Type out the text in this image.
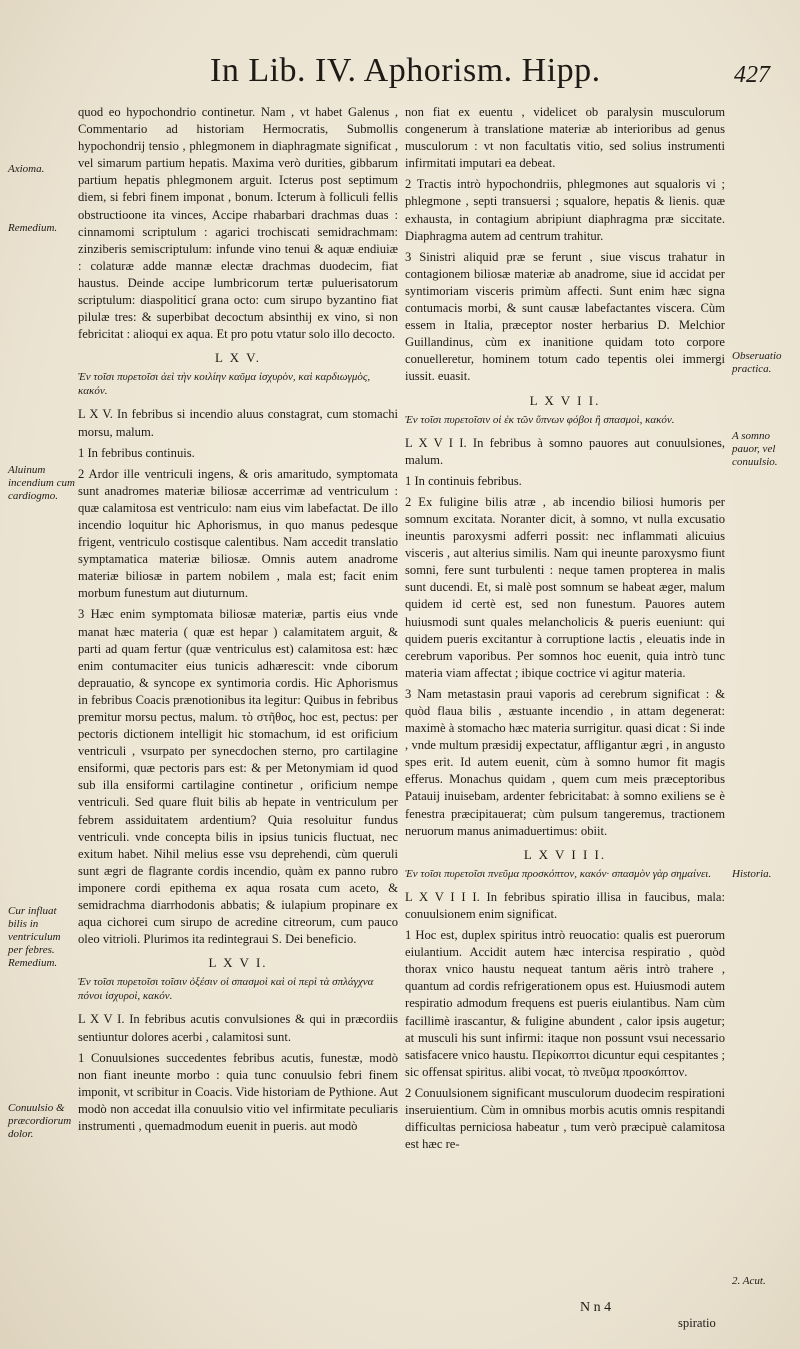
In Lib. IV. Aphorism. Hipp.	427

quod eo hypochondrio continetur. Nam , vt habet Galenus , Commentario ad historiam Hermocratis, Submollis hypochondrij tensio , phlegmonem in diaphragmate significat , vel simarum partium hepatis. Maxima verò durities, gibbarum partium hepatis phlegmonem arguit. Icterus post septimum diem, si febri finem imponat , bonum. Icterum à folliculi fellis obstructioone ita vinces, Accipe rhabarbari drachmas duas : cinnamomi scriptulum : agarici trochiscati semidrachmam: zinziberis semiscriptulum: infunde vino tenui & aquæ endiuiæ : colaturæ adde mannæ electæ drachmas duodecim, fiat haustus. Deinde accipe lumbricorum tertæ puluerisatorum scriptulum: diaspoliticí grana octo: cum sirupo byzantino fiat pilulæ tres: & superbibat decoctum absinthij ex vino, si non febricitat : alioqui ex aqua. Et pro potu vtatur solo illo decocto.

L X V.

Ἐν τοῖσι πυρετοῖσι ἀεὶ τὴν κοιλίην καῦμα ἰσχυρὸν, καὶ καρδιωγμὸς, κακόν.

L X V. In febribus si incendio aluus constagrat, cum stomachi morsu, malum.

1 In febribus continuis.

2 Ardor ille ventriculi ingens, & oris amaritudo, symptomata sunt anadromes materiæ biliosæ accerrimæ ad ventriculum : quæ calamitosa est ventriculo: nam eius vim labefactat. De illo incendio loquitur hic Aphorismus, in quo manus pedesque frigent, ventriculo costisque calentibus. Nam accedit translatio symptamatica materiæ biliosæ. Omnis autem anadrome materiæ biliosæ in partem nobilem , mala est; facit enim morbum funestum aut diuturnum.

3 Hæc enim symptomata biliosæ materiæ, partis eius vnde manat hæc materia ( quæ est hepar ) calamitatem arguit, & parti ad quam fertur (quæ ventriculus est) calamitosa est: hæc enim contumaciter eius tunicis adhærescit: vnde ciborum deprauatio, & syncope ex syntimoria cordis. Hic Aphorismus in febribus Coacis prænotionibus ita legitur: Quibus in febribus premitur morsu pectus, malum. τὸ στῆθος, hoc est, pectus: per pectoris dictionem intelligit hic stomachum, id est orificium ventriculi , vsurpato per synecdochen sterno, pro cartilagine ensiformi, quæ pectoris pars est: & per Metonymiam id quod sub illa ensiformi cartilagine continetur , orificium nempe ventriculi. Sed quare fluit bilis ab hepate in ventriculum per febrem assiduitatem ardentium? Quia resoluitur fundus ventriculi. vnde concepta bilis in ipsius tunicis fluctuat, nec exitum habet. Nihil melius esse vsu deprehendi, cùm queruli sunt ægri de flagrante cordis incendio, quàm ex panno rubro imponere cordi epithema ex aqua rosata cum aceto, & semidrachma diarrhodonis abbatis; & iulapium propinare ex aqua cichorei cum sirupo de acredine citreorum, cum pauco oleo vitrioli. Plurimos ita redintegraui S. Dei beneficio.

L X V I.

Ἐν τοῖσι πυρετοῖσι τοῖσιν ὀξέσιν οἱ σπασμοὶ καὶ οἱ περὶ τὰ σπλάγχνα πόνοι ἰσχυροὶ, κακόν.

L X V I. In febribus acutis convulsiones & qui in præcordiis sentiuntur dolores acerbi , calamitosi sunt.

1 Conuulsiones succedentes febribus acutis, funestæ, modò non fiant ineunte morbo : quia tunc conuulsio febri finem imponit, vt scribitur in Coacis. Vide historiam de Pythione. Aut modò non accedat illa conuulsio vitio vel infirmitate peculiaris instrumenti , quemadmodum euenit in pueris. aut modò

non fiat ex euentu , videlicet ob paralysin musculorum congenerum à translatione materiæ ab interioribus ad genus musculorum : vt non facultatis vitio, sed solius instrumenti infirmitati imputari ea debeat.

2 Tractis intrò hypochondriis, phlegmones aut squaloris vi ; phlegmone , septi transuersi ; squalore, hepatis & lienis. quæ exhausta, in contagium abripiunt diaphragma præ siccitate. Diaphragma autem ad centrum trahitur.

3 Sinistri aliquid præ se ferunt , siue viscus trahatur in contagionem biliosæ materiæ ab anadrome, siue id accidat per syntimoriam visceris primùm affecti. Sunt enim hæc signa contumacis morbi, & sunt causæ labefactantes viscera. Cùm essem in Italia, præceptor noster herbarius D. Melchior Guillandinus, cùm ex inanitione quidam toto corpore conuelleretur, hominem totum cado tepentis olei immergi iussit. euasit.

L X V I I.

Ἐν τοῖσι πυρετοῖσιν οἱ ἐκ τῶν ὕπνων φόβοι ἢ σπασμοὶ, κακόν.

L X V I I. In febribus à somno pauores aut conuulsiones, malum.

1 In continuis febribus.

2 Ex fuligine bilis atræ , ab incendio biliosi humoris per somnum excitata. Noranter dicit, à somno, vt nulla excusatio ineuntis paroxysmi adferri possit: nec inflammati alicuius visceris , aut alterius similis. Nam qui ineunte paroxysmo fiunt somni, fere sunt turbulenti : neque tamen propterea in malis sunt ducendi. Et, si malè post somnum se habeat æger, malum quidem id certè est, sed non funestum. Pauores autem huiusmodi sunt quales melancholicis & pueris eueniunt: qui quidem pueris excitantur à corruptione lactis , eleuatis inde in cerebrum vaporibus. Per somnos hoc euenit, quia intrò tunc materia viam affectat ; ibique coctrice vi agitur materia.

3 Nam metastasin praui vaporis ad cerebrum significat : & quòd flaua bilis , æstuante incendio , in attam degenerat: maximè à stomacho hæc materia surrigitur. quasi dicat : Si inde , vnde multum præsidij expectatur, affligantur ægri , in angusto spes erit. Id autem euenit, cùm à somno humor fit magis efferus. Monachus quidam , quem cum meis præceptoribus Patauij inuisebam, ardenter febricitabat: à somno exiliens se è fenestra præcipitauerat; cùm pulsum tangeremus, tractionem neruorum manus animaduertimus: obiit.

L X V I I I.

Ἐν τοῖσι πυρετοῖσι πνεῦμα προσκόπτον, κακόν· σπασμὸν γὰρ σημαίνει.

L X V I I I. In febribus spiratio illisa in faucibus, mala: conuulsionem enim significat.

1 Hoc est, duplex spiritus intrò reuocatio: qualis est puerorum eiulantium. Accidit autem hæc intercisa respiratio , quòd thorax vnico haustu nequeat tantum aëris intrò trahere , quantum ad cordis refrigerationem opus est. Huiusmodi autem respiratio admodum frequens est pueris eiulantibus. Nam cùm facillimè irascantur, & fuligine abundent , calor ipsis augetur; at musculi his sunt infirmi: itaque non possunt vsui necessario satisfacere vnico haustu. Περίκοπτοι dicuntur equi cespitantes ; sic offensat spiritus. alibi vocat, τὸ πνεῦμα προσκόπτον.

2 Conuulsionem significant musculorum duodecim respirationi inseruientium. Cùm in omnibus morbis acutis omnis respitandi difficultas perniciosa habeatur , tum verò præcipuè calamitosa est hæc re-

Axioma.
Remedium.
Aluinum incendium cum cardiogmo.
Cur influat bilis in ventriculum per febres. Remedium.
Conuulsio & præcordiorum dolor.
Obseruatio practica.
A somno pauor, vel conuulsio.
Historia.
2. Acut.
N n 4
spiratio
